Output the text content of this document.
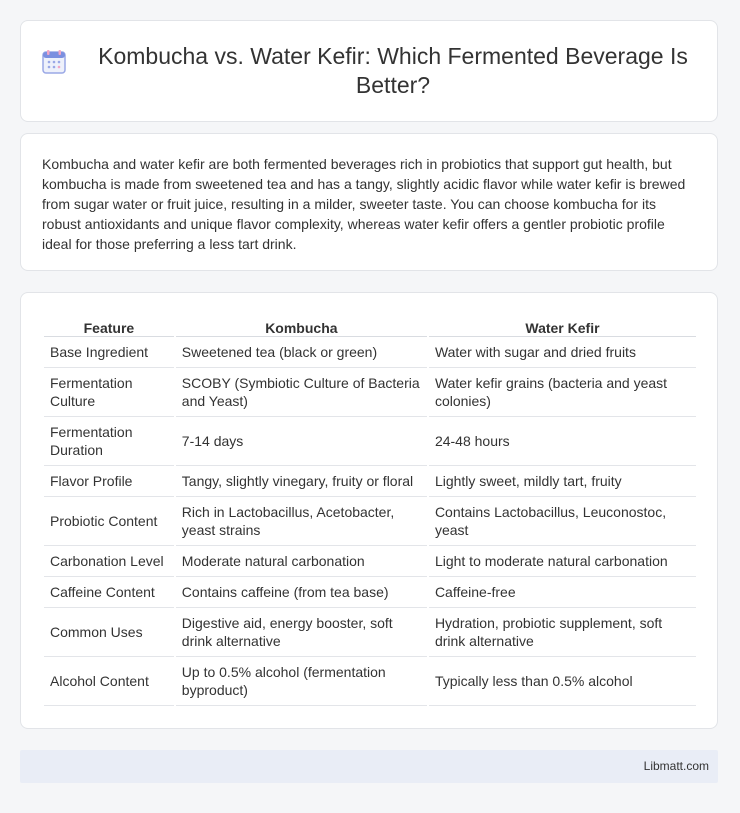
Kombucha vs. Water Kefir: Which Fermented Beverage Is Better?

Kombucha and water kefir are both fermented beverages rich in probiotics that support gut health, but kombucha is made from sweetened tea and has a tangy, slightly acidic flavor while water kefir is brewed from sugar water or fruit juice, resulting in a milder, sweeter taste. You can choose kombucha for its robust antioxidants and unique flavor complexity, whereas water kefir offers a gentler probiotic profile ideal for those preferring a less tart drink.

Feature	Kombucha	Water Kefir
Base Ingredient	Sweetened tea (black or green)	Water with sugar and dried fruits
Fermentation Culture	SCOBY (Symbiotic Culture of Bacteria and Yeast)	Water kefir grains (bacteria and yeast colonies)
Fermentation Duration	7-14 days	24-48 hours
Flavor Profile	Tangy, slightly vinegary, fruity or floral	Lightly sweet, mildly tart, fruity
Probiotic Content	Rich in Lactobacillus, Acetobacter, yeast strains	Contains Lactobacillus, Leuconostoc, yeast
Carbonation Level	Moderate natural carbonation	Light to moderate natural carbonation
Caffeine Content	Contains caffeine (from tea base)	Caffeine-free
Common Uses	Digestive aid, energy booster, soft drink alternative	Hydration, probiotic supplement, soft drink alternative
Alcohol Content	Up to 0.5% alcohol (fermentation byproduct)	Typically less than 0.5% alcohol
Libmatt.com
